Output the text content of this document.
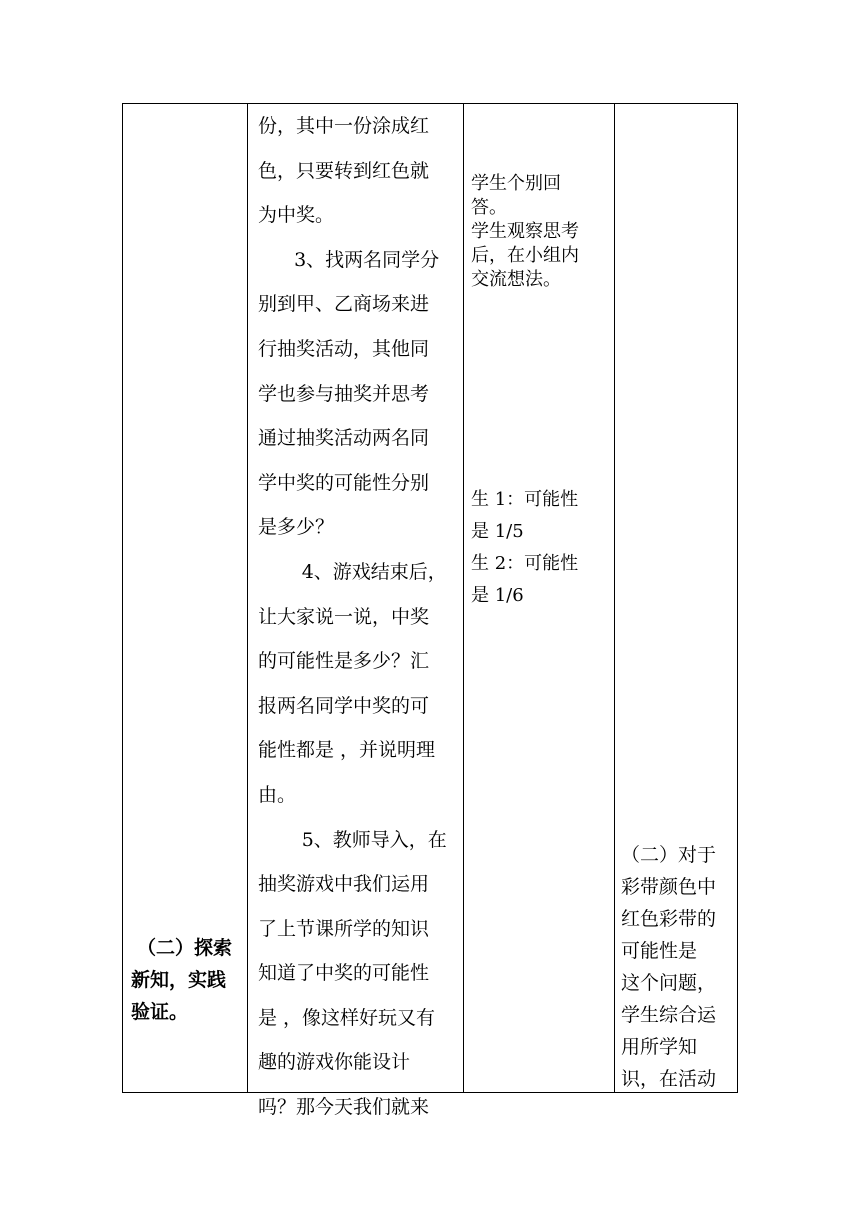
（二）探索
新知，实践
验证。
份，其中一份涂成红
色，只要转到红色就
为中奖。
3、找两名同学分
别到甲、乙商场来进
行抽奖活动，其他同
学也参与抽奖并思考
通过抽奖活动两名同
学中奖的可能性分别
是多少？
4、游戏结束后，
让大家说一说，中奖
的可能性是多少？汇
报两名同学中奖的可
能性都是 ，并说明理
由。
5、教师导入，在
抽奖游戏中我们运用
了上节课所学的知识
知道了中奖的可能性
是 ，像这样好玩又有
趣的游戏你能设计
吗？那今天我们就来
学生个别回
答。
学生观察思考
后，在小组内
交流想法。
生 1：可能性
是 1/5
生 2：可能性
是 1/6
（二）对于
彩带颜色中
红色彩带的
可能性是
这个问题，
学生综合运
用所学知
识，在活动
